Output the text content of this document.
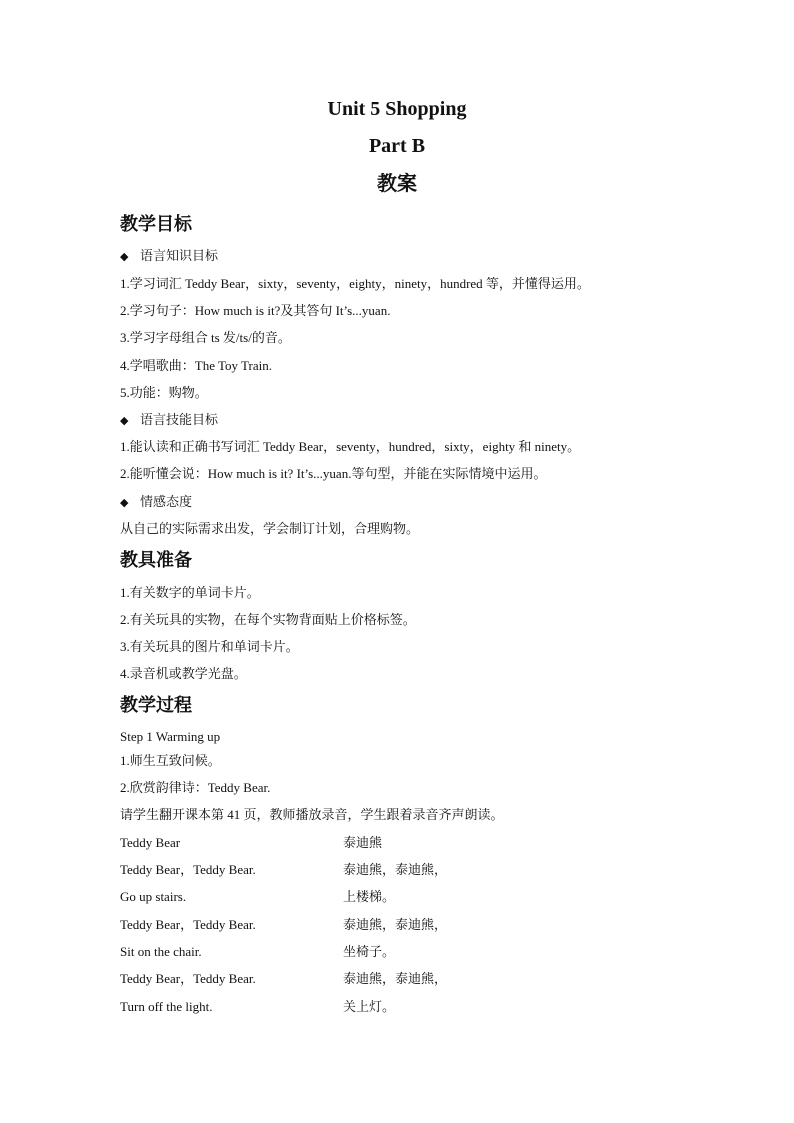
Unit 5 Shopping
Part B
教案
教学目标
◆ 语言知识目标
1.学习词汇 Teddy Bear，sixty，seventy，eighty，ninety，hundred 等，并懂得运用。
2.学习句子：How much is it?及其答句 It’s...yuan.
3.学习字母组合 ts 发/ts/的音。
4.学唱歌曲：The Toy Train.
5.功能：购物。
◆ 语言技能目标
1.能认读和正确书写词汇 Teddy Bear，seventy，hundred，sixty，eighty 和 ninety。
2.能听懂会说：How much is it? It’s...yuan.等句型，并能在实际情境中运用。
◆ 情感态度
从自己的实际需求出发，学会制订计划，合理购物。
教具准备
1.有关数字的单词卡片。
2.有关玩具的实物，在每个实物背面贴上价格标签。
3.有关玩具的图片和单词卡片。
4.录音机或教学光盘。
教学过程
Step 1 Warming up
1.师生互致问候。
2.欣赏韵律诗：Teddy Bear.
请学生翻开课本第 41 页，教师播放录音，学生跟着录音齐声朗读。
Teddy Bear	泰迪熊
Teddy Bear，Teddy Bear.	泰迪熊，泰迪熊，
Go up stairs.	上楼梯。
Teddy Bear，Teddy Bear.	泰迪熊，泰迪熊，
Sit on the chair.	坐椅子。
Teddy Bear，Teddy Bear.	泰迪熊，泰迪熊，
Turn off the light.	关上灯。
